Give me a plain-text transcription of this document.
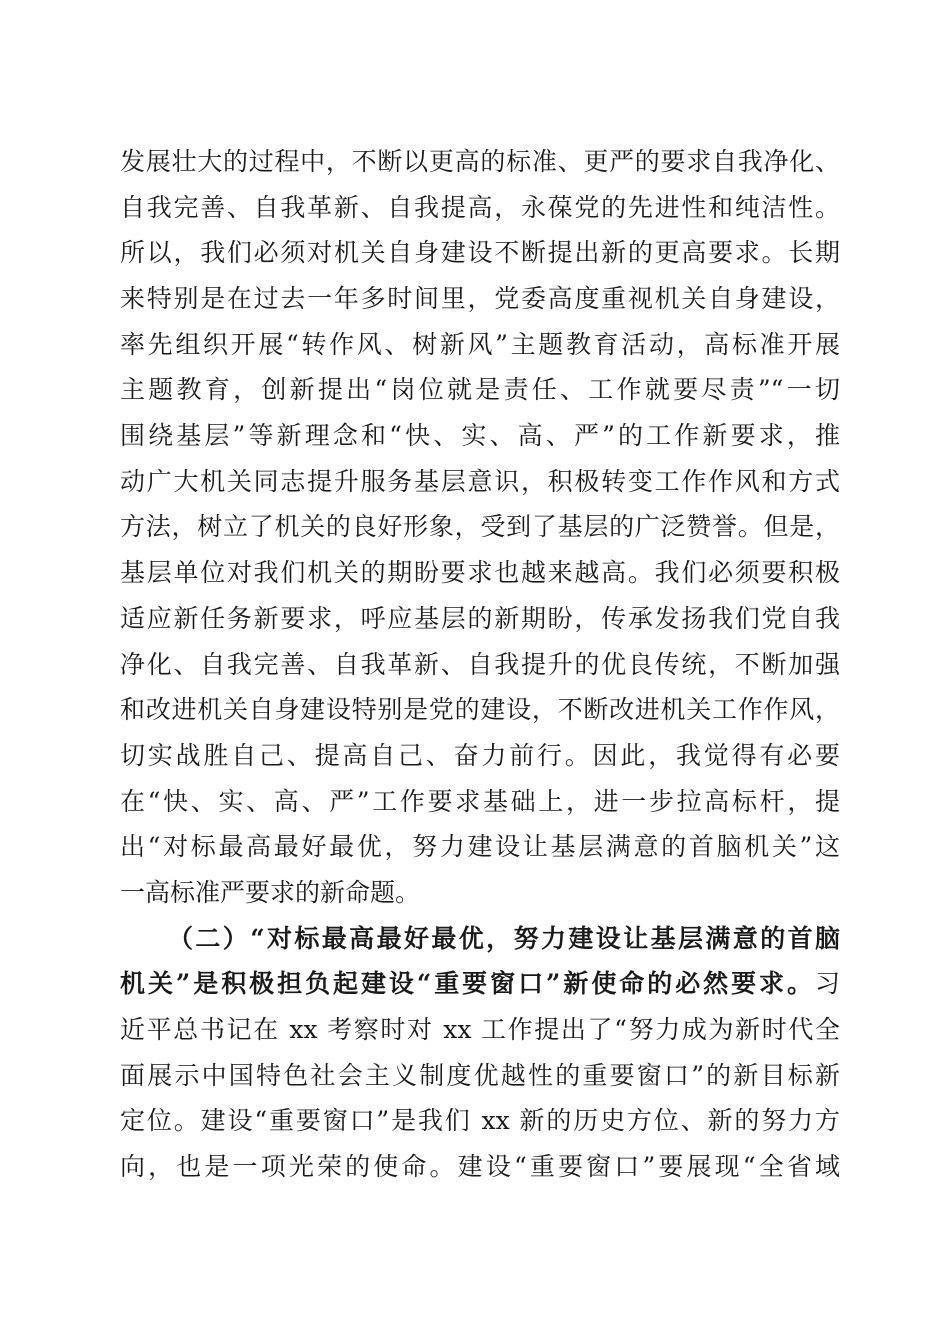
发展壮大的过程中，不断以更高的标准、更严的要求自我净化、
自我完善、自我革新、自我提高，永葆党的先进性和纯洁性。
所以，我们必须对机关自身建设不断提出新的更高要求。长期
来特别是在过去一年多时间里，党委高度重视机关自身建设，
率先组织开展“转作风、树新风”主题教育活动，高标准开展
主题教育，创新提出“岗位就是责任、工作就要尽责”“一切
围绕基层”等新理念和“快、实、高、严”的工作新要求，推
动广大机关同志提升服务基层意识，积极转变工作作风和方式
方法，树立了机关的良好形象，受到了基层的广泛赞誉。但是，
基层单位对我们机关的期盼要求也越来越高。我们必须要积极
适应新任务新要求，呼应基层的新期盼，传承发扬我们党自我
净化、自我完善、自我革新、自我提升的优良传统，不断加强
和改进机关自身建设特别是党的建设，不断改进机关工作作风，
切实战胜自己、提高自己、奋力前行。因此，我觉得有必要
在“快、实、高、严”工作要求基础上，进一步拉高标杆，提
出“对标最高最好最优，努力建设让基层满意的首脑机关”这
一高标准严要求的新命题。
（二）“对标最高最好最优，努力建设让基层满意的首脑
机关”是积极担负起建设“重要窗口”新使命的必然要求。习
近平总书记在 xx 考察时对 xx 工作提出了“努力成为新时代全
面展示中国特色社会主义制度优越性的重要窗口”的新目标新
定位。建设“重要窗口”是我们 xx 新的历史方位、新的努力方
向，也是一项光荣的使命。建设“重要窗口”要展现“全省域
